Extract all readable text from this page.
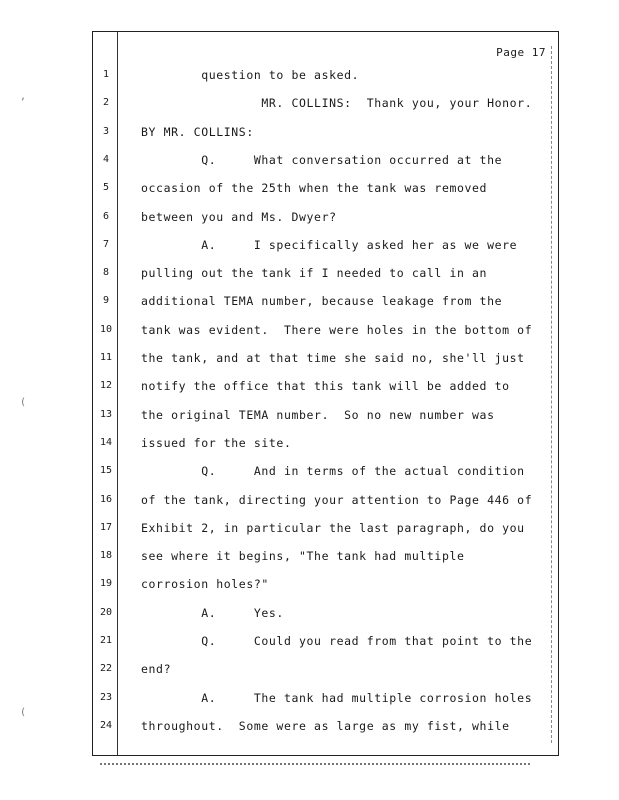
,
(
(
Page 17
1	question to be asked.
2	MR. COLLINS:  Thank you, your Honor.
3	BY MR. COLLINS:
4	Q.     What conversation occurred at the
5	occasion of the 25th when the tank was removed
6	between you and Ms. Dwyer?
7	A.     I specifically asked her as we were
8	pulling out the tank if I needed to call in an
9	additional TEMA number, because leakage from the
10	tank was evident.  There were holes in the bottom of
11	the tank, and at that time she said no, she'll just
12	notify the office that this tank will be added to
13	the original TEMA number.  So no new number was
14	issued for the site.
15	Q.     And in terms of the actual condition
16	of the tank, directing your attention to Page 446 of
17	Exhibit 2, in particular the last paragraph, do you
18	see where it begins, "The tank had multiple
19	corrosion holes?"
20	A.     Yes.
21	Q.     Could you read from that point to the
22	end?
23	A.     The tank had multiple corrosion holes
24	throughout.  Some were as large as my fist, while
